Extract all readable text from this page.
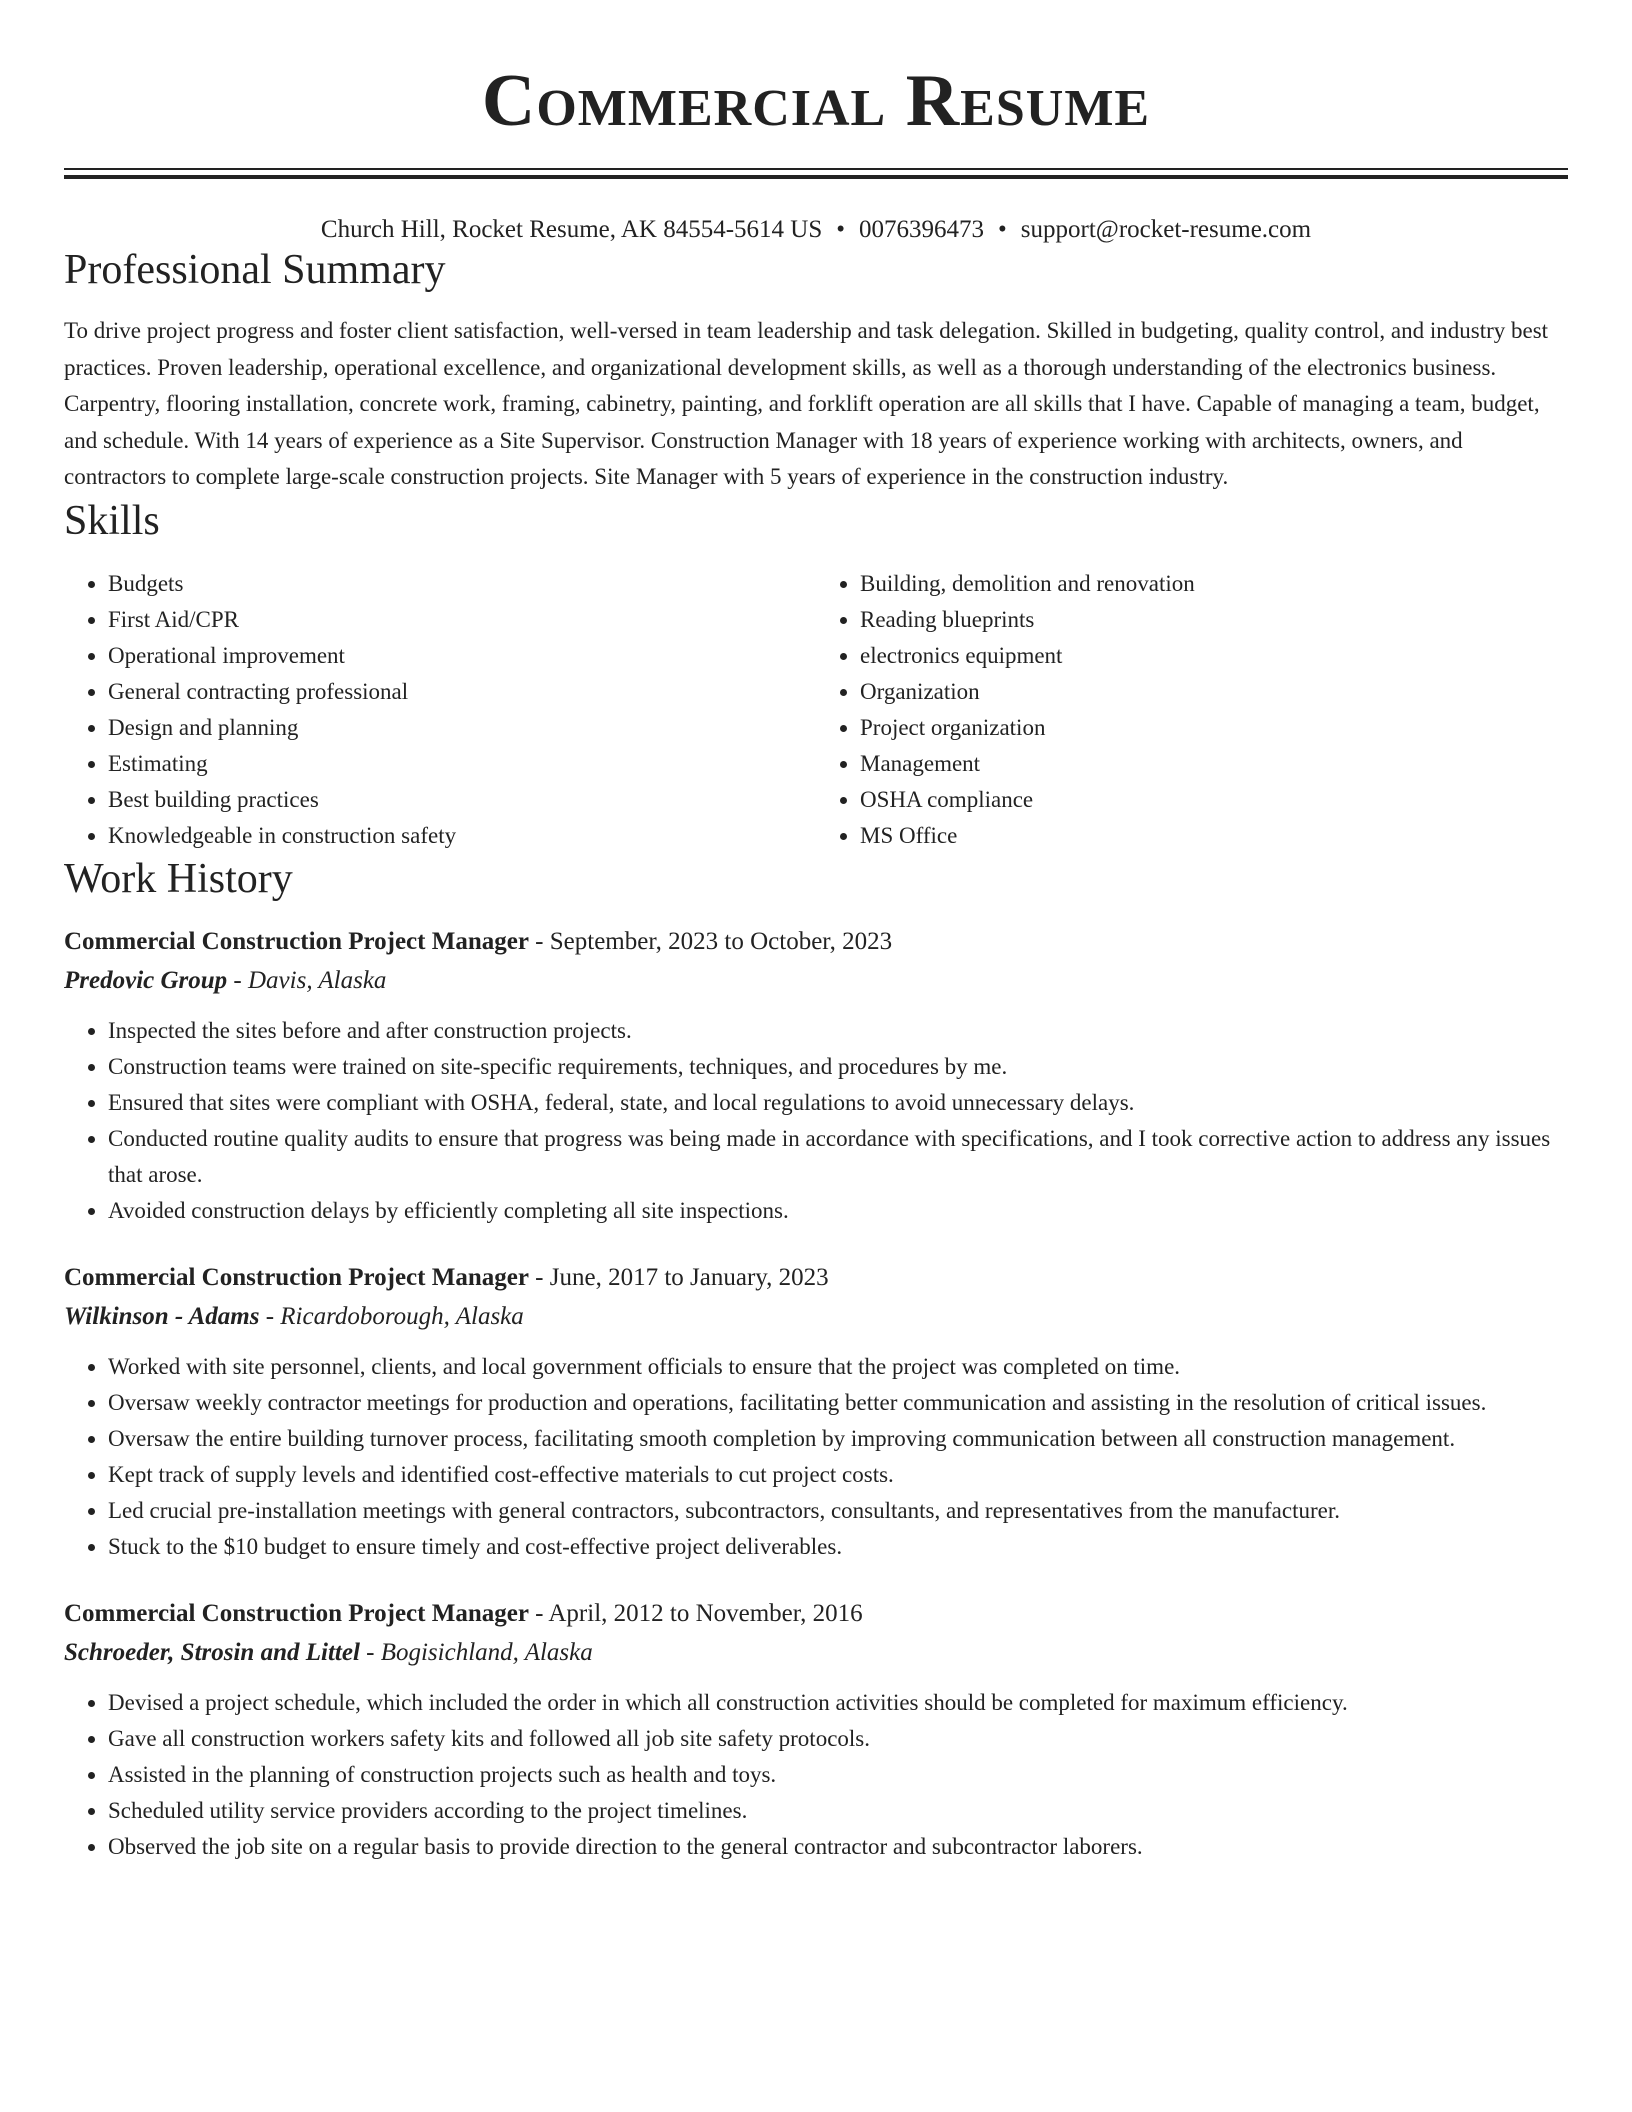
Commercial Resume
Church Hill, Rocket Resume, AK 84554-5614 US • 0076396473 • support@rocket-resume.com
Professional Summary

To drive project progress and foster client satisfaction, well-versed in team leadership and task delegation. Skilled in budgeting, quality control, and industry best practices. Proven leadership, operational excellence, and organizational development skills, as well as a thorough understanding of the electronics business. Carpentry, flooring installation, concrete work, framing, cabinetry, painting, and forklift operation are all skills that I have. Capable of managing a team, budget, and schedule. With 14 years of experience as a Site Supervisor. Construction Manager with 18 years of experience working with architects, owners, and contractors to complete large-scale construction projects. Site Manager with 5 years of experience in the construction industry.

Skills
• Budgets
• First Aid/CPR
• Operational improvement
• General contracting professional
• Design and planning
• Estimating
• Best building practices
• Knowledgeable in construction safety
• Building, demolition and renovation
• Reading blueprints
• electronics equipment
• Organization
• Project organization
• Management
• OSHA compliance
• MS Office
Work History
Commercial Construction Project Manager - September, 2023 to October, 2023
Predovic Group - Davis, Alaska
• Inspected the sites before and after construction projects.
• Construction teams were trained on site-specific requirements, techniques, and procedures by me.
• Ensured that sites were compliant with OSHA, federal, state, and local regulations to avoid unnecessary delays.
• Conducted routine quality audits to ensure that progress was being made in accordance with specifications, and I took corrective action to address any issues that arose.
• Avoided construction delays by efficiently completing all site inspections.
Commercial Construction Project Manager - June, 2017 to January, 2023
Wilkinson - Adams - Ricardoborough, Alaska
• Worked with site personnel, clients, and local government officials to ensure that the project was completed on time.
• Oversaw weekly contractor meetings for production and operations, facilitating better communication and assisting in the resolution of critical issues.
• Oversaw the entire building turnover process, facilitating smooth completion by improving communication between all construction management.
• Kept track of supply levels and identified cost-effective materials to cut project costs.
• Led crucial pre-installation meetings with general contractors, subcontractors, consultants, and representatives from the manufacturer.
• Stuck to the $10 budget to ensure timely and cost-effective project deliverables.
Commercial Construction Project Manager - April, 2012 to November, 2016
Schroeder, Strosin and Littel - Bogisichland, Alaska
• Devised a project schedule, which included the order in which all construction activities should be completed for maximum efficiency.
• Gave all construction workers safety kits and followed all job site safety protocols.
• Assisted in the planning of construction projects such as health and toys.
• Scheduled utility service providers according to the project timelines.
• Observed the job site on a regular basis to provide direction to the general contractor and subcontractor laborers.
